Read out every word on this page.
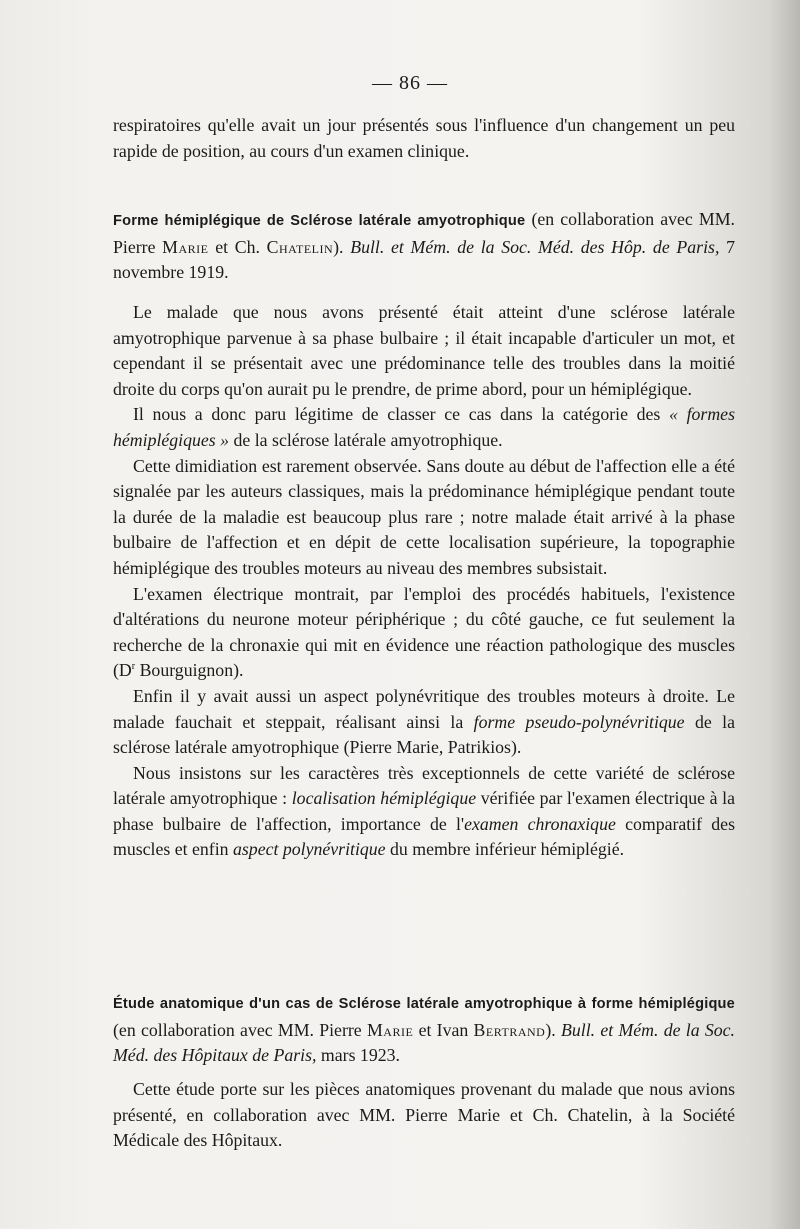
— 86 —

respiratoires qu'elle avait un jour présentés sous l'influence d'un changement un peu rapide de position, au cours d'un examen clinique.

Forme hémiplégique de Sclérose latérale amyotrophique (en collaboration avec MM. Pierre Marie et Ch. Chatelin). Bull. et Mém. de la Soc. Méd. des Hôp. de Paris, 7 novembre 1919.

Le malade que nous avons présenté était atteint d'une sclérose latérale amyotrophique parvenue à sa phase bulbaire ; il était incapable d'articuler un mot, et cependant il se présentait avec une prédominance telle des troubles dans la moitié droite du corps qu'on aurait pu le prendre, de prime abord, pour un hémiplégique.

Il nous a donc paru légitime de classer ce cas dans la catégorie des « formes hémiplégiques » de la sclérose latérale amyotrophique.

Cette dimidiation est rarement observée. Sans doute au début de l'affection elle a été signalée par les auteurs classiques, mais la prédominance hémiplégique pendant toute la durée de la maladie est beaucoup plus rare ; notre malade était arrivé à la phase bulbaire de l'affection et en dépit de cette localisation supérieure, la topographie hémiplégique des troubles moteurs au niveau des membres subsistait.

L'examen électrique montrait, par l'emploi des procédés habituels, l'existence d'altérations du neurone moteur périphérique ; du côté gauche, ce fut seulement la recherche de la chronaxie qui mit en évidence une réaction pathologique des muscles ($D^r$ Bourguignon).

Enfin il y avait aussi un aspect polynévritique des troubles moteurs à droite. Le malade fauchait et steppait, réalisant ainsi la forme pseudo-polynévritique de la sclérose latérale amyotrophique (Pierre Marie, Patrikios).

Nous insistons sur les caractères très exceptionnels de cette variété de sclérose latérale amyotrophique : localisation hémiplégique vérifiée par l'examen électrique à la phase bulbaire de l'affection, importance de l'examen chronaxique comparatif des muscles et enfin aspect polynévritique du membre inférieur hémiplégié.

Étude anatomique d'un cas de Sclérose latérale amyotrophique à forme hémiplégique (en collaboration avec MM. Pierre Marie et Ivan Bertrand). Bull. et Mém. de la Soc. Méd. des Hôpitaux de Paris, mars 1923.

Cette étude porte sur les pièces anatomiques provenant du malade que nous avions présenté, en collaboration avec MM. Pierre Marie et Ch. Chatelin, à la Société Médicale des Hôpitaux.
